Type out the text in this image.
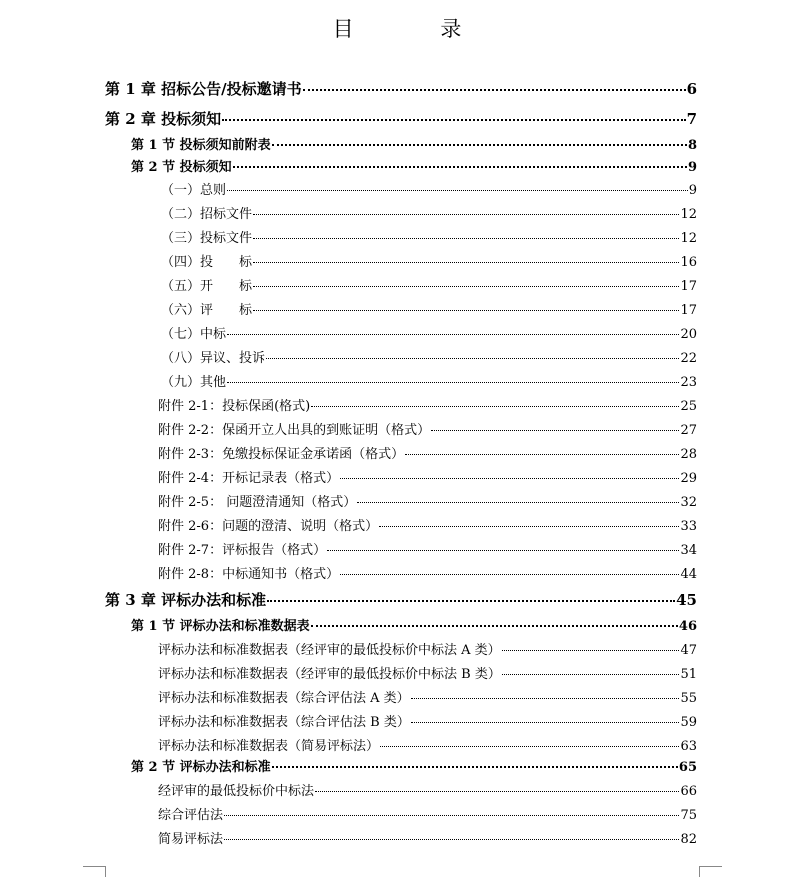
目 录
第 1 章 招标公告/投标邀请书	6
第 2 章 投标须知	7
第 1 节 投标须知前附表	8
第 2 节 投标须知	9
（一）总则	9
（二）招标文件	12
（三）投标文件	12
（四）投　　标	16
（五）开　　标	17
（六）评　　标	17
（七）中标	20
（八）异议、投诉	22
（九）其他	23
附件 2-1：投标保函(格式)	25
附件 2-2：保函开立人出具的到账证明（格式）	27
附件 2-3：免缴投标保证金承诺函（格式）	28
附件 2-4：开标记录表（格式）	29
附件 2-5： 问题澄清通知（格式）	32
附件 2-6：问题的澄清、说明（格式）	33
附件 2-7：评标报告（格式）	34
附件 2-8：中标通知书（格式）	44
第 3 章 评标办法和标准	45
第 1 节 评标办法和标准数据表	46
评标办法和标准数据表（经评审的最低投标价中标法 A 类）	47
评标办法和标准数据表（经评审的最低投标价中标法 B 类）	51
评标办法和标准数据表（综合评估法 A 类）	55
评标办法和标准数据表（综合评估法 B 类）	59
评标办法和标准数据表（简易评标法）	63
第 2 节 评标办法和标准	65
经评审的最低投标价中标法	66
综合评估法	75
简易评标法	82
